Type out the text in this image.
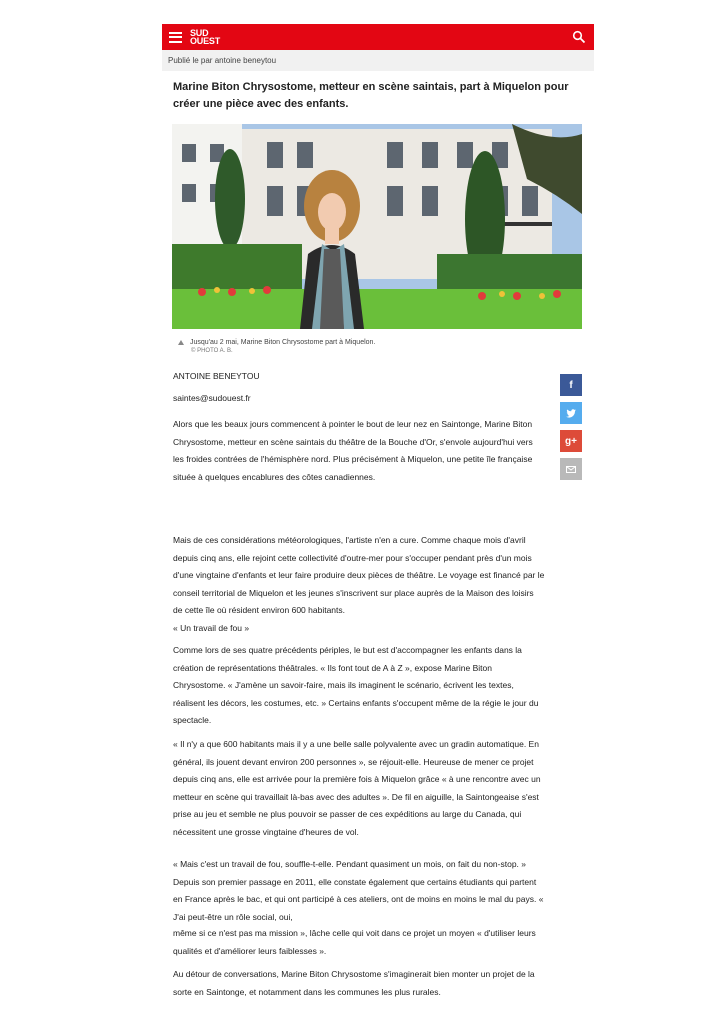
SUD
OUEST
Publié le par antoine beneytou
Marine Biton Chrysostome, metteur en scène saintais, part à Miquelon pour créer une pièce avec des enfants.
Jusqu'au 2 mai, Marine Biton Chrysostome part à Miquelon.
© PHOTO A. B.
ANTOINE BENEYTOU
saintes@sudouest.fr
Alors que les beaux jours commencent à pointer le bout de leur nez en Saintonge, Marine Biton Chrysostome, metteur en scène saintais du théâtre de la Bouche d'Or, s'envole aujourd'hui vers les froides contrées de l'hémisphère nord. Plus précisément à Miquelon, une petite île française située à quelques encablures des côtes canadiennes.
Mais de ces considérations météorologiques, l'artiste n'en a cure. Comme chaque mois d'avril depuis cinq ans, elle rejoint cette collectivité d'outre-mer pour s'occuper pendant près d'un mois d'une vingtaine d'enfants et leur faire produire deux pièces de théâtre. Le voyage est financé par le conseil territorial de Miquelon et les jeunes s'inscrivent sur place auprès de la Maison des loisirs de cette île où résident environ 600 habitants.
« Un travail de fou »
Comme lors de ses quatre précédents périples, le but est d'accompagner les enfants dans la création de représentations théâtrales. « Ils font tout de A à Z », expose Marine Biton Chrysostome. « J'amène un savoir-faire, mais ils imaginent le scénario, écrivent les textes, réalisent les décors, les costumes, etc. » Certains enfants s'occupent même de la régie le jour du spectacle.
« Il n'y a que 600 habitants mais il y a une belle salle polyvalente avec un gradin automatique. En général, ils jouent devant environ 200 personnes », se réjouit-elle. Heureuse de mener ce projet depuis cinq ans, elle est arrivée pour la première fois à Miquelon grâce « à une rencontre avec un metteur en scène qui travaillait là-bas avec des adultes ». De fil en aiguille, la Saintongeaise s'est prise au jeu et semble ne plus pouvoir se passer de ces expéditions au large du Canada, qui nécessitent une grosse vingtaine d'heures de vol.
« Mais c'est un travail de fou, souffle-t-elle. Pendant quasiment un mois, on fait du non-stop. » Depuis son premier passage en 2011, elle constate également que certains étudiants qui partent en France après le bac, et qui ont participé à ces ateliers, ont de moins en moins le mal du pays. « J'ai peut-être un rôle social, oui,
même si ce n'est pas ma mission », lâche celle qui voit dans ce projet un moyen « d'utiliser leurs qualités et d'améliorer leurs faiblesses ».
Au détour de conversations, Marine Biton Chrysostome s'imaginerait bien monter un projet de la sorte en Saintonge, et notamment dans les communes les plus rurales.
f
g+
